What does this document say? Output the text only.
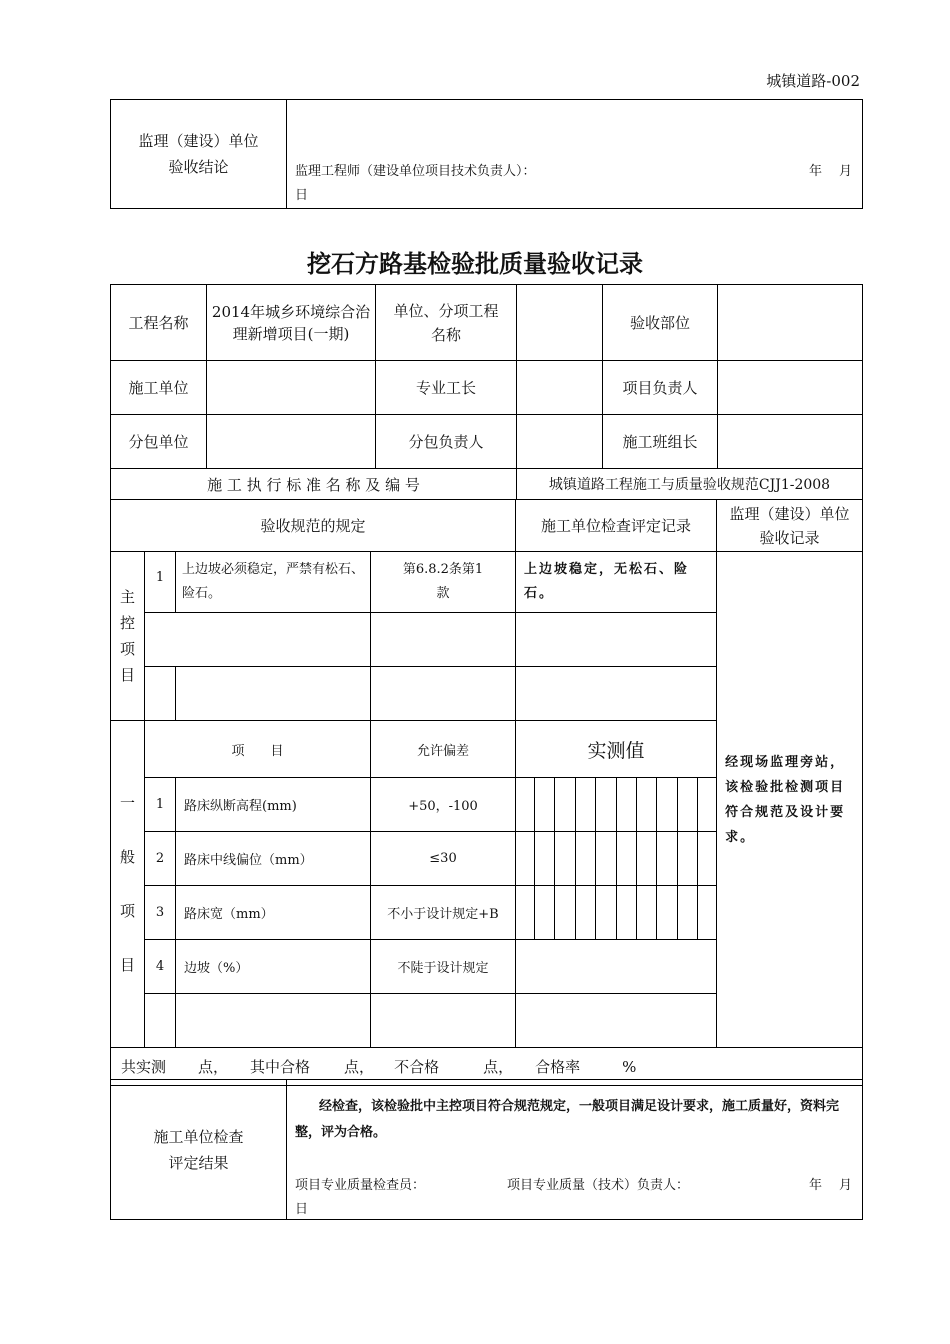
城镇道路-002
监理（建设）单位
验收结论	监理工程师（建设单位项目技术负责人）：	年 月
日
挖石方路基检验批质量验收记录
工程名称	2014年城乡环境综合治理新增项目(一期)	单位、分项工程名称		验收部位	
施工单位		专业工长		项目负责人	
分包单位		分包负责人		施工班组长	
施 工 执 行 标 准 名 称 及 编 号			城镇道路工程施工与质量验收规范CJJ1-2008		
验收规范的规定				施工单位检查评定记录										监理（建设）单位验收记录

主控项目	1	上边坡必须稳定，严禁有松石、险石。	第6.8.2条第1款	上边坡稳定，无松石、险石。										经现场监理旁站，该检验批检测项目符合规范及设计要求。

一般项目	项　　目		允许偏差	实测值										
	1	路床纵断高程(mm)	+50，-100											
	2	路床中线偏位（mm）	≤30											
	3	路床宽（mm）	不小于设计规定+B											
	4	边坡（%）	不陡于设计规定											

共实测 点， 其中合格 点， 不合格 点， 合格率 %														
施工单位检查
评定结果	
经检查，该检验批中主控项目符合规范规定，一般项目满足设计要求，施工质量好，资料完整，评为合格。
项目专业质量检查员：	项目专业质量（技术）负责人：	年 月
日
